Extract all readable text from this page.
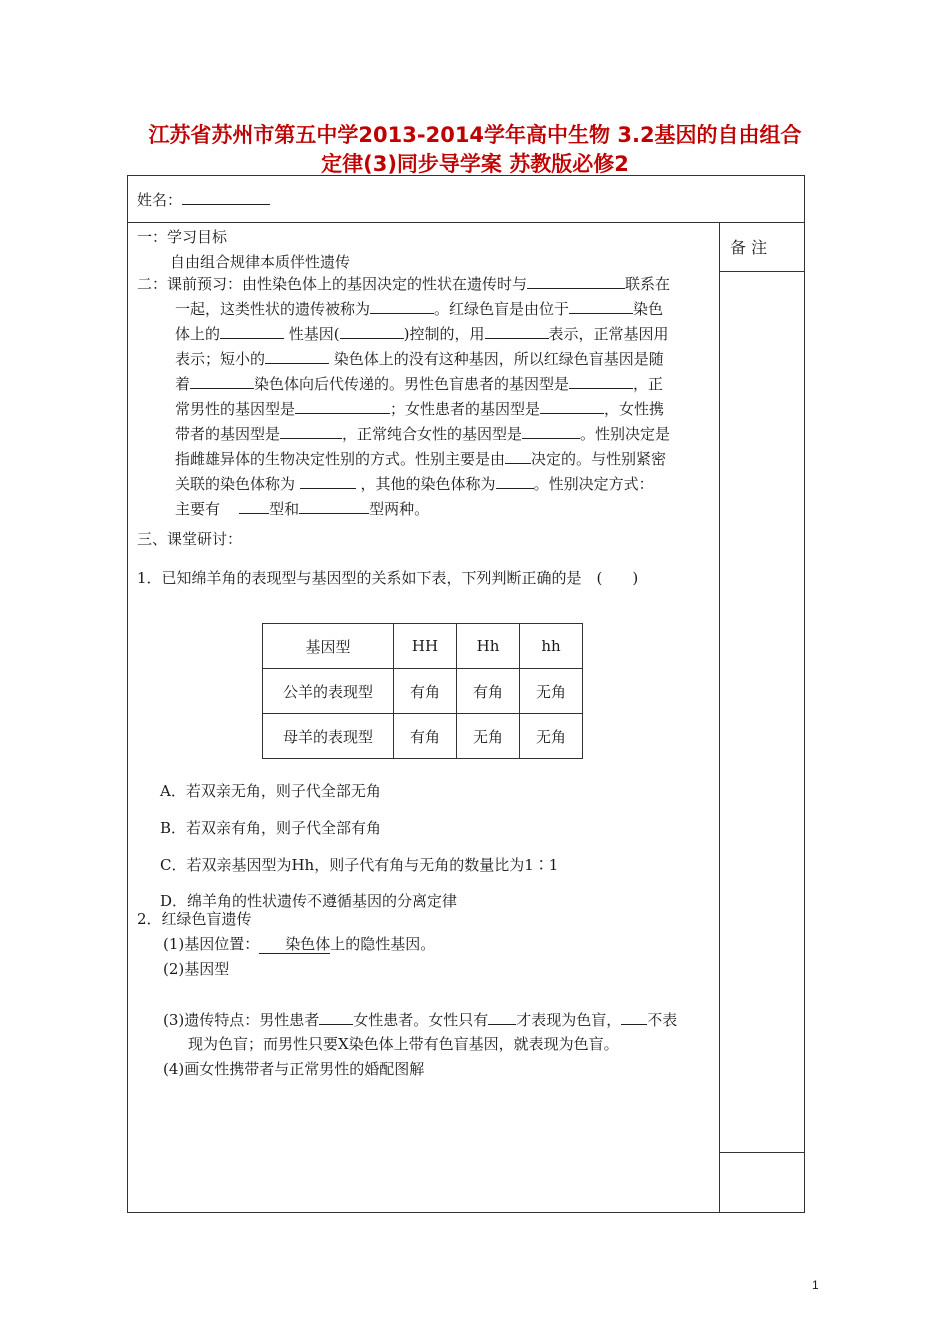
江苏省苏州市第五中学2013-2014学年高中生物 3.2基因的自由组合
定律(3)同步导学案 苏教版必修2
姓名：
备 注
一：学习目标
自由组合规律本质伴性遗传
二：课前预习：由性染色体上的基因决定的性状在遗传时与	联系在
一起，这类性状的遗传被称为	。红绿色盲是由位于	染色
体上的	性基因(	)控制的，用	表示，正常基因用
表示；短小的	染色体上的没有这种基因，所以红绿色盲基因是随
着	染色体向后代传递的。男性色盲患者的基因型是	，正
常男性的基因型是	；女性患者的基因型是	，女性携
带者的基因型是	，正常纯合女性的基因型是	。性别决定是
指雌雄异体的生物决定性别的方式。性别主要是由 决定的。与性别紧密
关联的染色体称为	，其他的染色体称为	。性别决定方式：
主要有	型和	型两种。
三、课堂研讨：
1．已知绵羊角的表现型与基因型的关系如下表，下列判断正确的是　(　　)
基因型	HH	Hh	hh
公羊的表现型	有角	有角	无角
母羊的表现型	有角	无角	无角
A．若双亲无角，则子代全部无角
B．若双亲有角，则子代全部有角
C．若双亲基因型为Hh，则子代有角与无角的数量比为1∶1
D．绵羊角的性状遗传不遵循基因的分离定律
2．红绿色盲遗传
(1)基因位置： 染色体上的隐性基因。
(2)基因型
(3)遗传特点：男性患者 女性患者。女性只有 才表现为色盲， 不表
现为色盲；而男性只要X染色体上带有色盲基因，就表现为色盲。
(4)画女性携带者与正常男性的婚配图解
1
